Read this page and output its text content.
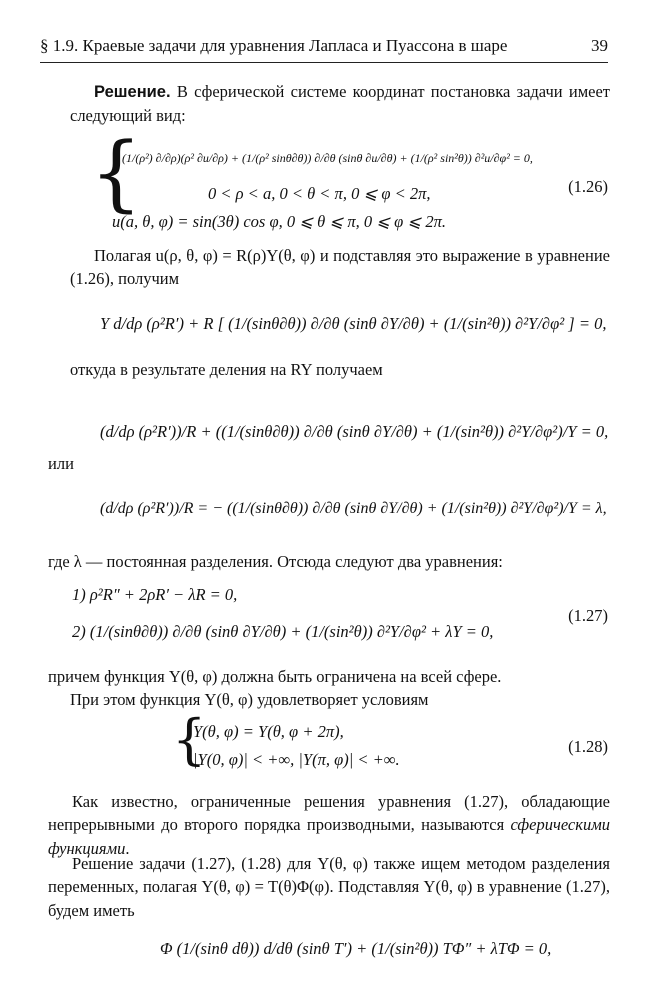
§ 1.9. Краевые задачи для уравнения Лапласа и Пуассона в шаре	39
Решение. В сферической системе координат постановка задачи имеет следующий вид:
{
(1/(ρ²) ∂/∂ρ)(ρ² ∂u/∂ρ) + (1/(ρ² sinθ∂θ)) ∂/∂θ (sinθ ∂u/∂θ) + (1/(ρ² sin²θ)) ∂²u/∂φ² = 0,
0 < ρ < a, 0 < θ < π, 0 ⩽ φ < 2π,
u(a, θ, φ) = sin(3θ) cos φ, 0 ⩽ θ ⩽ π, 0 ⩽ φ ⩽ 2π.
(1.26)
Полагая u(ρ, θ, φ) = R(ρ)Y(θ, φ) и подставляя это выражение в уравнение (1.26), получим
Y d/dρ (ρ²R′) + R [ (1/(sinθ∂θ)) ∂/∂θ (sinθ ∂Y/∂θ) + (1/(sin²θ)) ∂²Y/∂φ² ] = 0,
откуда в результате деления на RY получаем
(d/dρ (ρ²R′))/R + ((1/(sinθ∂θ)) ∂/∂θ (sinθ ∂Y/∂θ) + (1/(sin²θ)) ∂²Y/∂φ²)/Y = 0,
или
(d/dρ (ρ²R′))/R = − ((1/(sinθ∂θ)) ∂/∂θ (sinθ ∂Y/∂θ) + (1/(sin²θ)) ∂²Y/∂φ²)/Y = λ,
где λ — постоянная разделения. Отсюда следуют два уравнения:
1) ρ²R″ + 2ρR′ − λR = 0,
2) (1/(sinθ∂θ)) ∂/∂θ (sinθ ∂Y/∂θ) + (1/(sin²θ)) ∂²Y/∂φ² + λY = 0,
(1.27)
причем функция Y(θ, φ) должна быть ограничена на всей сфере.
При этом функция Y(θ, φ) удовлетворяет условиям
{
Y(θ, φ) = Y(θ, φ + 2π),
|Y(0, φ)| < +∞, |Y(π, φ)| < +∞.
(1.28)
Как известно, ограниченные решения уравнения (1.27), обладающие непрерывными до второго порядка производными, называются сферическими функциями.
Решение задачи (1.27), (1.28) для Y(θ, φ) также ищем методом разделения переменных, полагая Y(θ, φ) = T(θ)Φ(φ). Подставляя Y(θ, φ) в уравнение (1.27), будем иметь
Φ (1/(sinθ dθ)) d/dθ (sinθ T′) + (1/(sin²θ)) TΦ″ + λTΦ = 0,
